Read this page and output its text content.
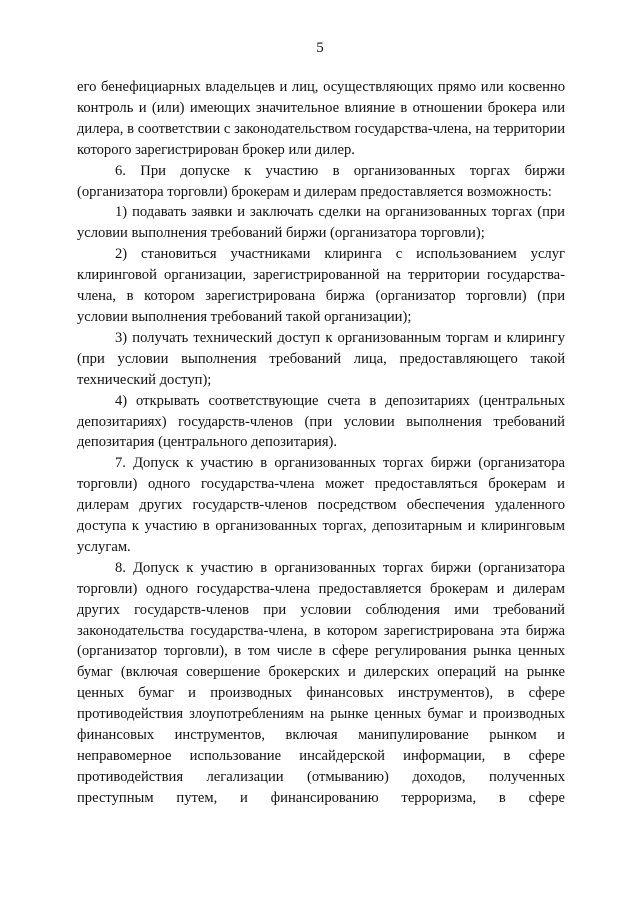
5

его бенефициарных владельцев и лиц, осуществляющих прямо или косвенно контроль и (или) имеющих значительное влияние в отношении брокера или дилера, в соответствии с законодательством государства-члена, на территории которого зарегистрирован брокер или дилер.

6. При допуске к участию в организованных торгах биржи (организатора торговли) брокерам и дилерам предоставляется возможность:

1) подавать заявки и заключать сделки на организованных торгах (при условии выполнения требований биржи (организатора торговли);

2) становиться участниками клиринга с использованием услуг клиринговой организации, зарегистрированной на территории государства-члена, в котором зарегистрирована биржа (организатор торговли) (при условии выполнения требований такой организации);

3) получать технический доступ к организованным торгам и клирингу (при условии выполнения требований лица, предоставляющего такой технический доступ);

4) открывать соответствующие счета в депозитариях (центральных депозитариях) государств-членов (при условии выполнения требований депозитария (центрального депозитария).

7. Допуск к участию в организованных торгах биржи (организатора торговли) одного государства-члена может предоставляться брокерам и дилерам других государств-членов посредством обеспечения удаленного доступа к участию в организованных торгах, депозитарным и клиринговым услугам.

8. Допуск к участию в организованных торгах биржи (организатора торговли) одного государства-члена предоставляется брокерам и дилерам других государств-членов при условии соблюдения ими требований законодательства государства-члена, в котором зарегистрирована эта биржа (организатор торговли), в том числе в сфере регулирования рынка ценных бумаг (включая совершение брокерских и дилерских операций на рынке ценных бумаг и производных финансовых инструментов), в сфере противодействия злоупотреблениям на рынке ценных бумаг и производных финансовых инструментов, включая манипулирование рынком и неправомерное использование инсайдерской информации, в сфере противодействия легализации (отмыванию) доходов, полученных преступным путем, и финансированию терроризма, в сфере
